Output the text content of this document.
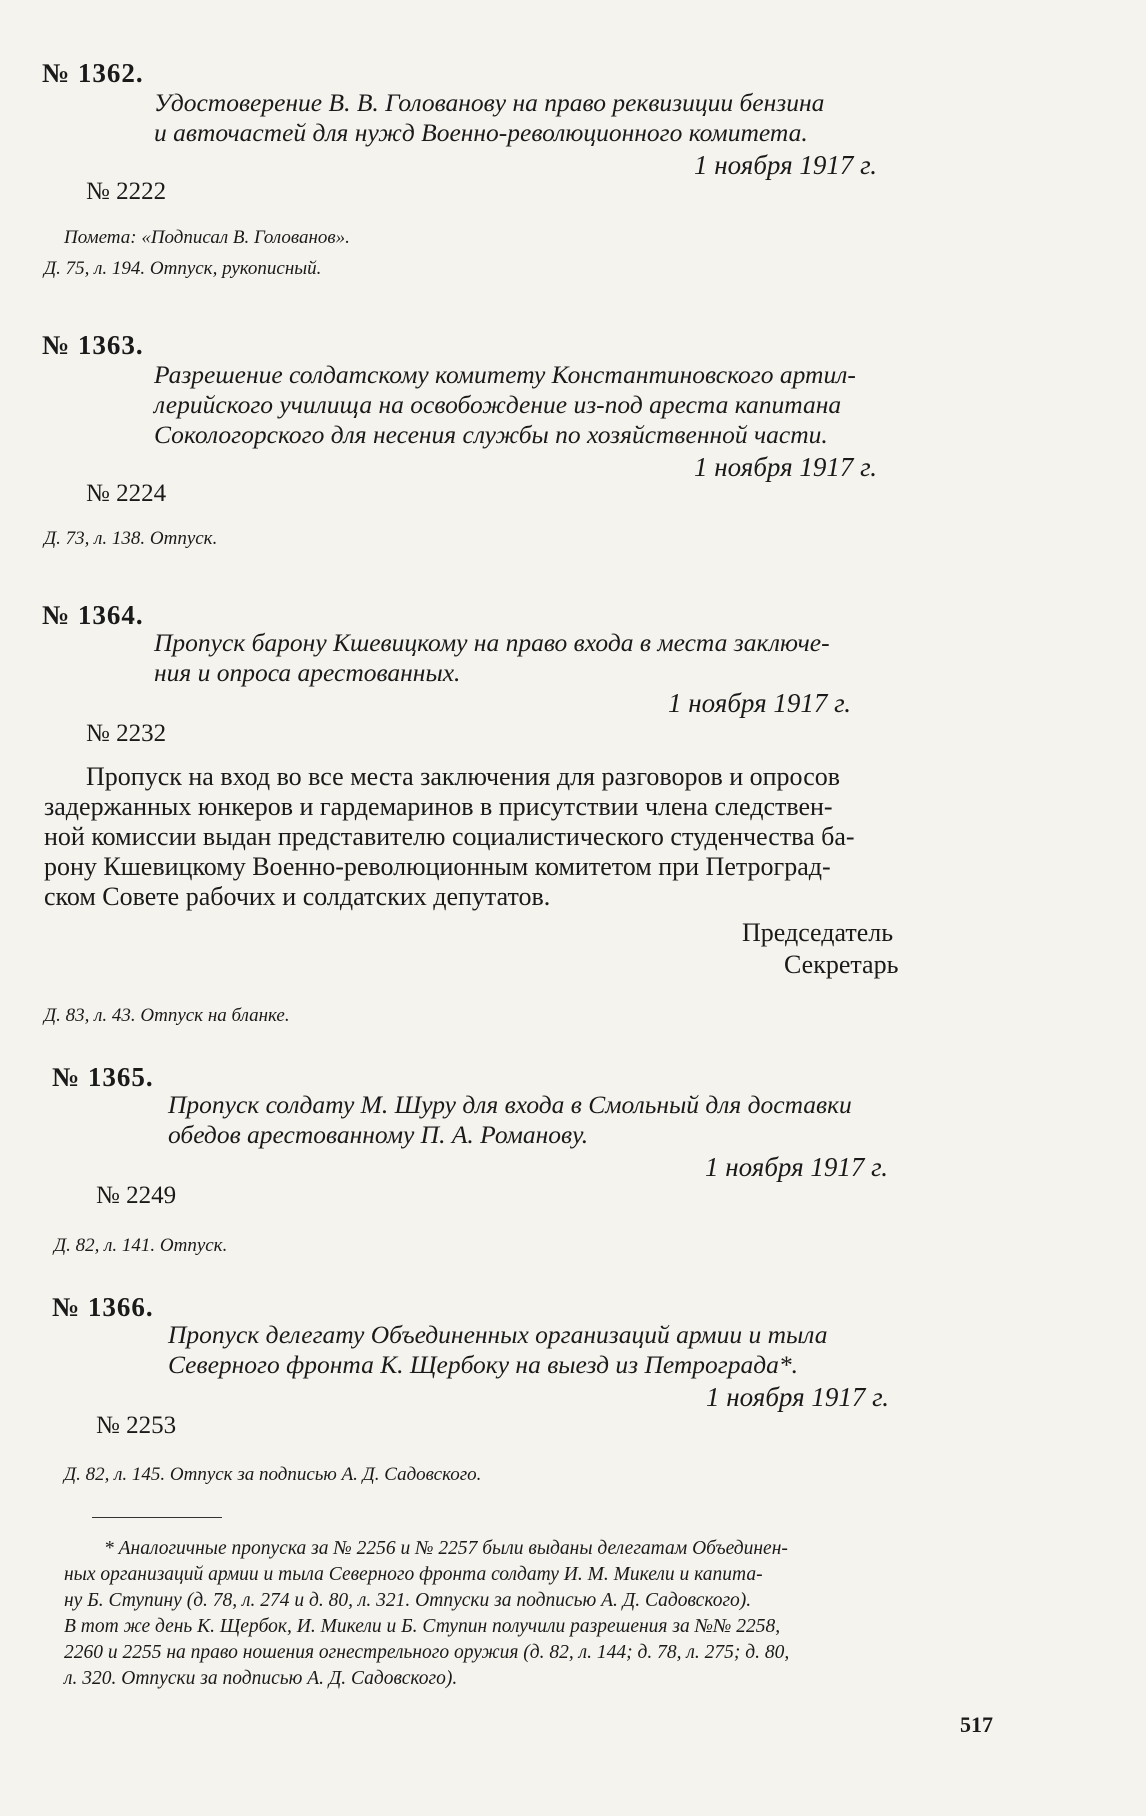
№ 1362.

Удостоверение В. В. Голованову на право реквизиции бензина

и авточастей для нужд Военно-революционного комитета.

1 ноября 1917 г.

№ 2222

Помета: «Подписал В. Голованов».

Д. 75, л. 194. Отпуск, рукописный.

№ 1363.

Разрешение солдатскому комитету Константиновского артил-

лерийского училища на освобождение из-под ареста капитана

Сокологорского для несения службы по хозяйственной части.

1 ноября 1917 г.

№ 2224

Д. 73, л. 138. Отпуск.

№ 1364.

Пропуск барону Кшевицкому на право входа в места заключе-

ния и опроса арестованных.

1 ноября 1917 г.

№ 2232

Пропуск на вход во все места заключения для разговоров и опросов

задержанных юнкеров и гардемаринов в присутствии члена следствен-

ной комиссии выдан представителю социалистического студенчества ба-

рону Кшевицкому Военно-революционным комитетом при Петроград-

ском Совете рабочих и солдатских депутатов.

Председатель

Секретарь

Д. 83, л. 43. Отпуск на бланке.

№ 1365.

Пропуск солдату М. Шуру для входа в Смольный для доставки

обедов арестованному П. А. Романову.

1 ноября 1917 г.

№ 2249

Д. 82, л. 141. Отпуск.

№ 1366.

Пропуск делегату Объединенных организаций армии и тыла

Северного фронта К. Щербоку на выезд из Петрограда*.

1 ноября 1917 г.

№ 2253

Д. 82, л. 145. Отпуск за подписью А. Д. Садовского.

* Аналогичные пропуска за № 2256 и № 2257 были выданы делегатам Объединен-

ных организаций армии и тыла Северного фронта солдату И. М. Микели и капита-

ну Б. Ступину (д. 78, л. 274 и д. 80, л. 321. Отпуски за подписью А. Д. Садовского).

В тот же день К. Щербок, И. Микели и Б. Ступин получили разрешения за №№ 2258,

2260 и 2255 на право ношения огнестрельного оружия (д. 82, л. 144; д. 78, л. 275; д. 80,

л. 320. Отпуски за подписью А. Д. Садовского).

517
